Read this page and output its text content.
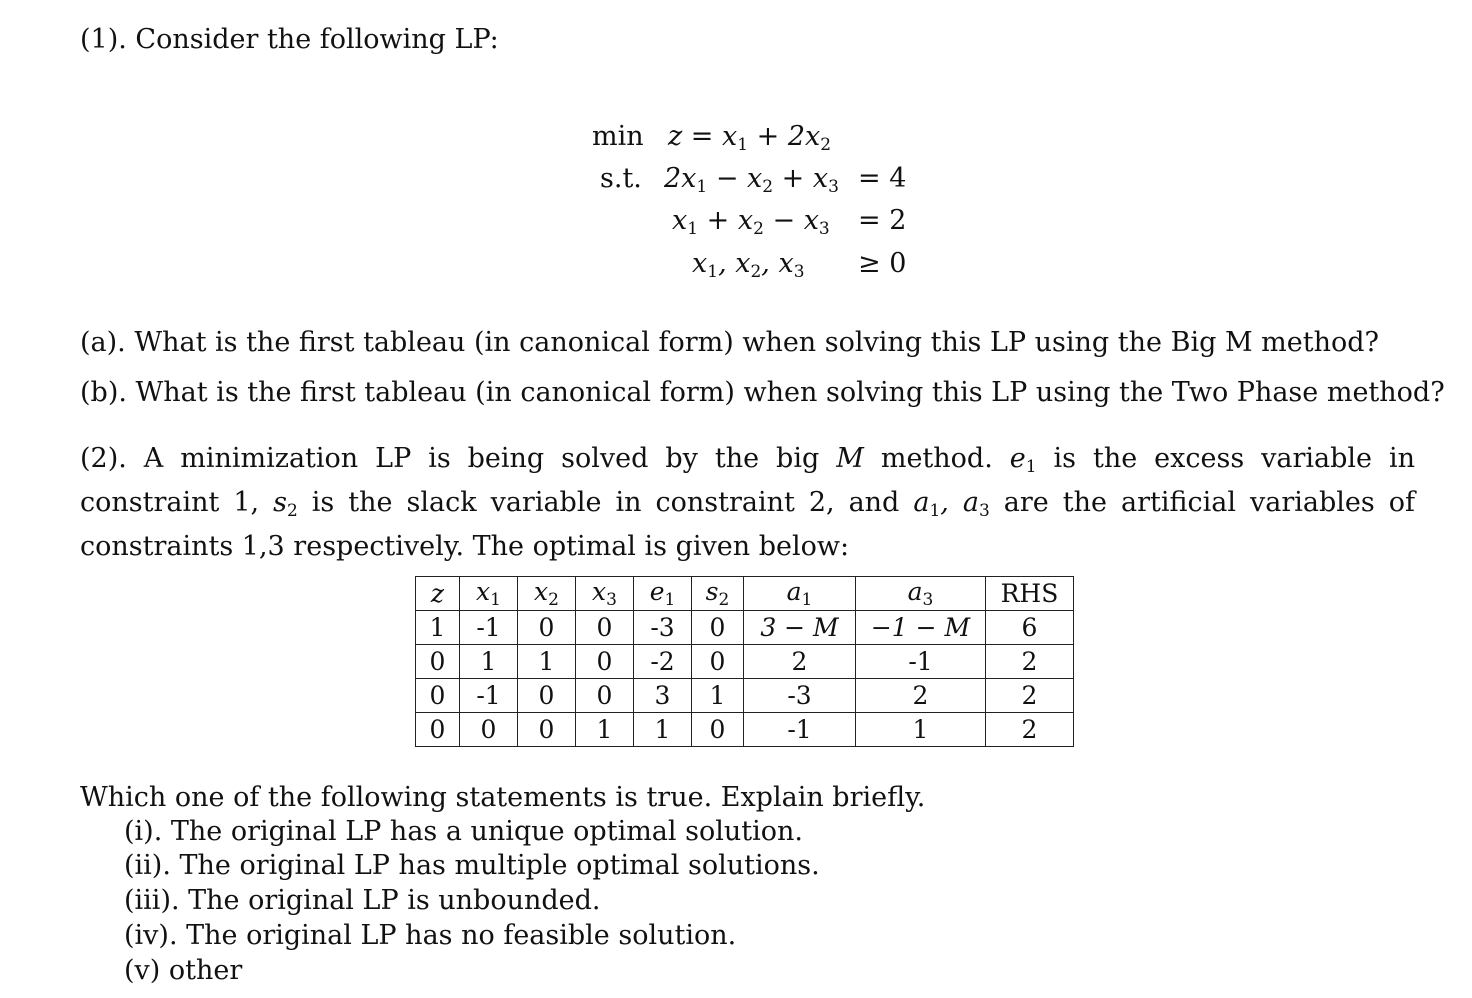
(1). Consider the following LP:
$\min z = x_1 + 2x_2$
s.t. $2x_1 - x_2 + x_3 = 4$
$x_1 + x_2 - x_3 = 2$
$x_1$, $x_2$, $x_3 \ge 0$
(a). What is the first tableau (in canonical form) when solving this LP using the Big M method?
(b). What is the first tableau (in canonical form) when solving this LP using the Two Phase method?
(2). A minimization LP is being solved by the big M method. $e_1$ is the excess variable in constraint 1, $s_2$ is the slack variable in constraint 2, and $a_1$, $a_3$ are the artificial variables of constraints 1,3 respectively. The optimal is given below:
z	$x_1$	$x_2$	$x_3$	$e_1$	$s_2$	$a_1$	$a_3$	RHS
1	-1	0	0	-3	0	3 − M	−1 − M	6
0	1	1	0	-2	0	2	-1	2
0	-1	0	0	3	1	-3	2	2
0	0	0	1	1	0	-1	1	2
Which one of the following statements is true. Explain briefly.
(i). The original LP has a unique optimal solution.
(ii). The original LP has multiple optimal solutions.
(iii). The original LP is unbounded.
(iv). The original LP has no feasible solution.
(v) other
